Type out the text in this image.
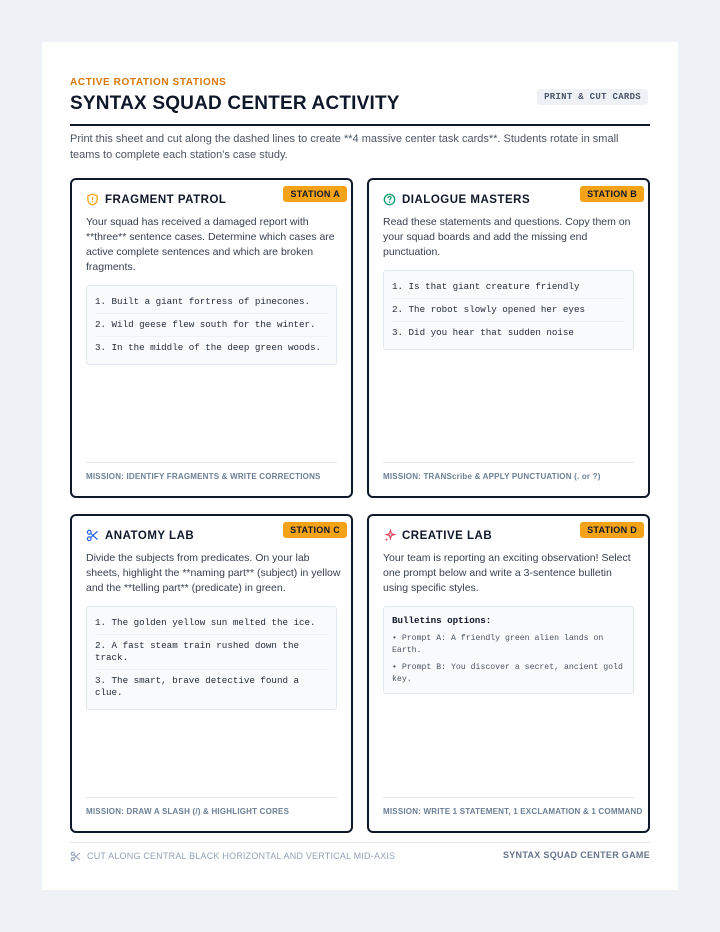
ACTIVE ROTATION STATIONS
SYNTAX SQUAD CENTER ACTIVITY	PRINT & CUT CARDS
Print this sheet and cut along the dashed lines to create **4 massive center task cards**. Students rotate in small teams to complete each station's case study.
STATION A
FRAGMENT PATROL
Your squad has received a damaged report with **three** sentence cases. Determine which cases are active complete sentences and which are broken fragments.
1. Built a giant fortress of pinecones.
2. Wild geese flew south for the winter.
3. In the middle of the deep green woods.
MISSION: IDENTIFY FRAGMENTS & WRITE CORRECTIONS
STATION B
DIALOGUE MASTERS
Read these statements and questions. Copy them on your squad boards and add the missing end punctuation.
1. Is that giant creature friendly
2. The robot slowly opened her eyes
3. Did you hear that sudden noise
MISSION: TRANScribe & APPLY PUNCTUATION (. or ?)
STATION C
ANATOMY LAB
Divide the subjects from predicates. On your lab sheets, highlight the **naming part** (subject) in yellow and the **telling part** (predicate) in green.
1. The golden yellow sun melted the ice.
2. A fast steam train rushed down the track.
3. The smart, brave detective found a clue.
MISSION: DRAW A SLASH (/) & HIGHLIGHT CORES
STATION D
CREATIVE LAB
Your team is reporting an exciting observation! Select one prompt below and write a 3-sentence bulletin using specific styles.
Bulletins options:
• Prompt A: A friendly green alien lands on Earth.
• Prompt B: You discover a secret, ancient gold key.
MISSION: WRITE 1 STATEMENT, 1 EXCLAMATION & 1 COMMAND
CUT ALONG CENTRAL BLACK HORIZONTAL AND VERTICAL MID-AXIS	SYNTAX SQUAD CENTER GAME
